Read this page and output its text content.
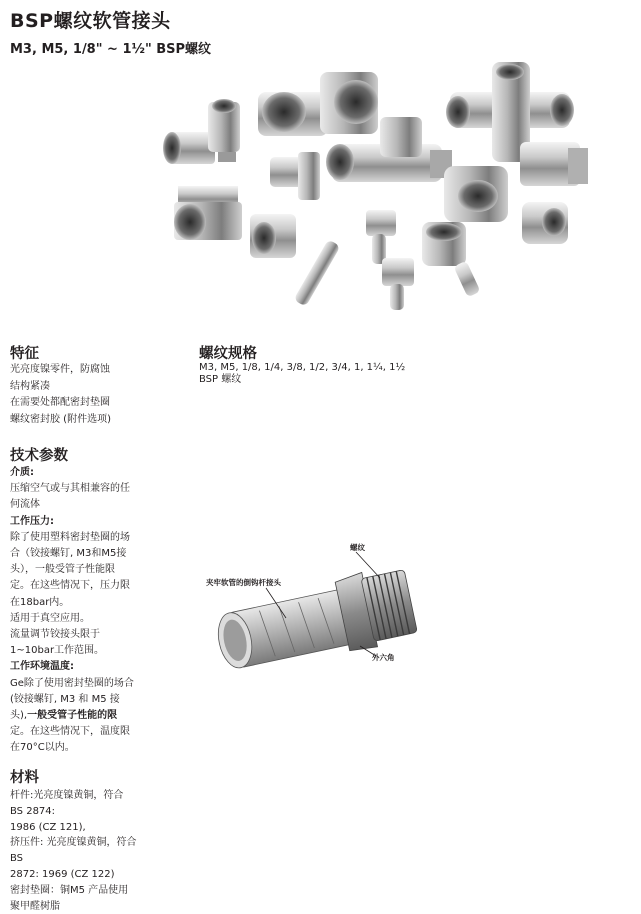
BSP螺纹软管接头
M3, M5, 1/8" ~ 1½" BSP螺纹
特征
光亮度镍零件，防腐蚀
结构紧凑
在需要处都配密封垫圈
螺纹密封胶 (附件选项)
螺纹规格
M3, M5, 1/8, 1/4, 3/8, 1/2, 3/4, 1, 1¼, 1½
BSP 螺纹
技术参数
介质:

压缩空气或与其相兼容的任

何流体

工作压力:

除了使用塑料密封垫圈的场

合（铰接螺钉, M3和M5接

头），一般受管子性能限

定。在这些情况下，压力限

在18bar内。

适用于真空应用。

流量调节铰接头限于

1~10bar工作范围。

工作环境温度:

Ge除了使用密封垫圈的场合

(铰接螺钉, M3 和 M5 接

头),一般受管子性能的限

定。在这些情况下，温度限

在70°C以内。

材料

杆件:光亮度镍黄铜，符合

BS 2874:

1986 (CZ 121),

挤压件: 光亮度镍黄铜，符合

BS

2872: 1969 (CZ 122)

密封垫圈：铜M5 产品使用

聚甲醛树脂

螺纹
夹牢软管的倒钩杆接头
外六角
